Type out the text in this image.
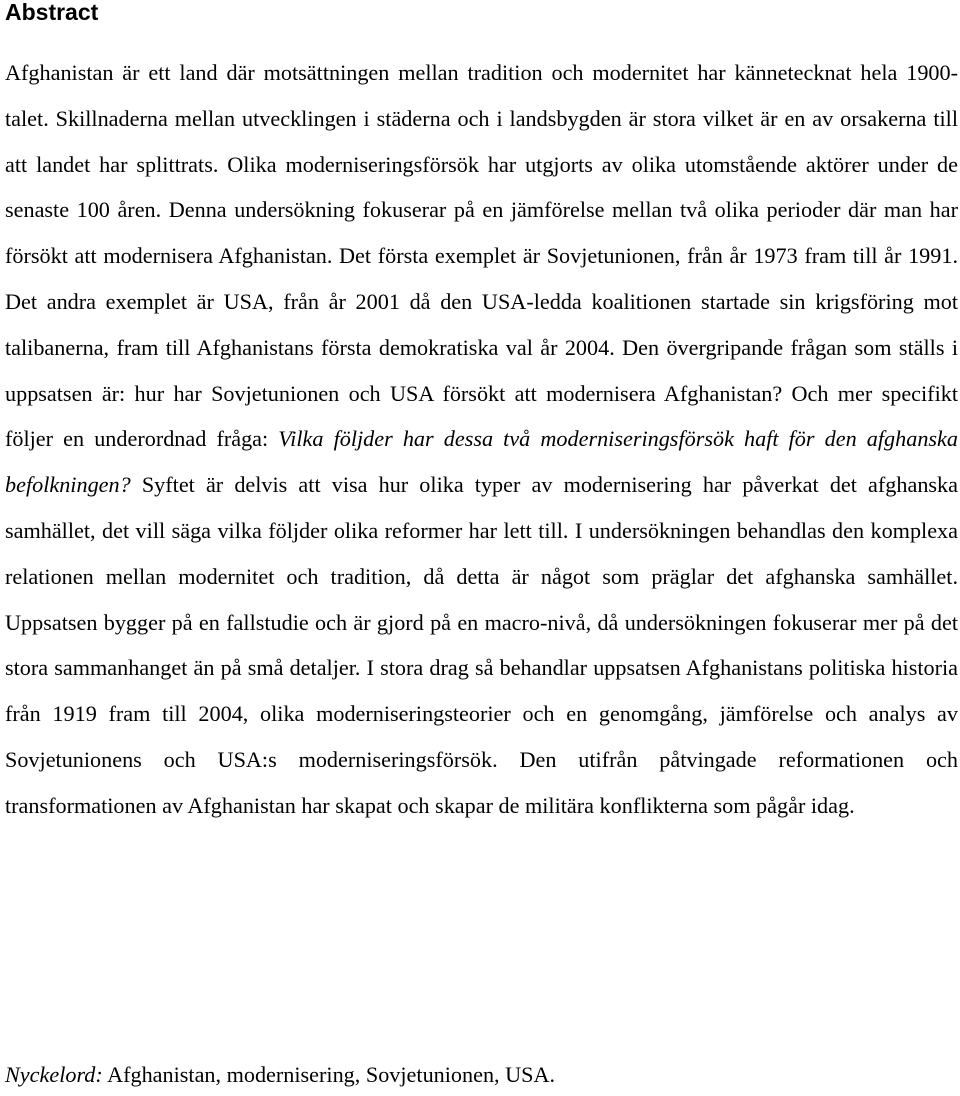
Abstract

Afghanistan är ett land där motsättningen mellan tradition och modernitet har kännetecknat hela 1900-talet. Skillnaderna mellan utvecklingen i städerna och i landsbygden är stora vilket är en av orsakerna till att landet har splittrats. Olika moderniseringsförsök har utgjorts av olika utomstående aktörer under de senaste 100 åren. Denna undersökning fokuserar på en jämförelse mellan två olika perioder där man har försökt att modernisera Afghanistan. Det första exemplet är Sovjetunionen, från år 1973 fram till år 1991. Det andra exemplet är USA, från år 2001 då den USA-ledda koalitionen startade sin krigsföring mot talibanerna, fram till Afghanistans första demokratiska val år 2004. Den övergripande frågan som ställs i uppsatsen är: hur har Sovjetunionen och USA försökt att modernisera Afghanistan? Och mer specifikt följer en underordnad fråga: Vilka följder har dessa två moderniseringsförsök haft för den afghanska befolkningen? Syftet är delvis att visa hur olika typer av modernisering har påverkat det afghanska samhället, det vill säga vilka följder olika reformer har lett till. I undersökningen behandlas den komplexa relationen mellan modernitet och tradition, då detta är något som präglar det afghanska samhället. Uppsatsen bygger på en fallstudie och är gjord på en macro-nivå, då undersökningen fokuserar mer på det stora sammanhanget än på små detaljer. I stora drag så behandlar uppsatsen Afghanistans politiska historia från 1919 fram till 2004, olika moderniseringsteorier och en genomgång, jämförelse och analys av Sovjetunionens och USA:s moderniseringsförsök. Den utifrån påtvingade reformationen och transformationen av Afghanistan har skapat och skapar de militära konflikterna som pågår idag.

Nyckelord: Afghanistan, modernisering, Sovjetunionen, USA.
